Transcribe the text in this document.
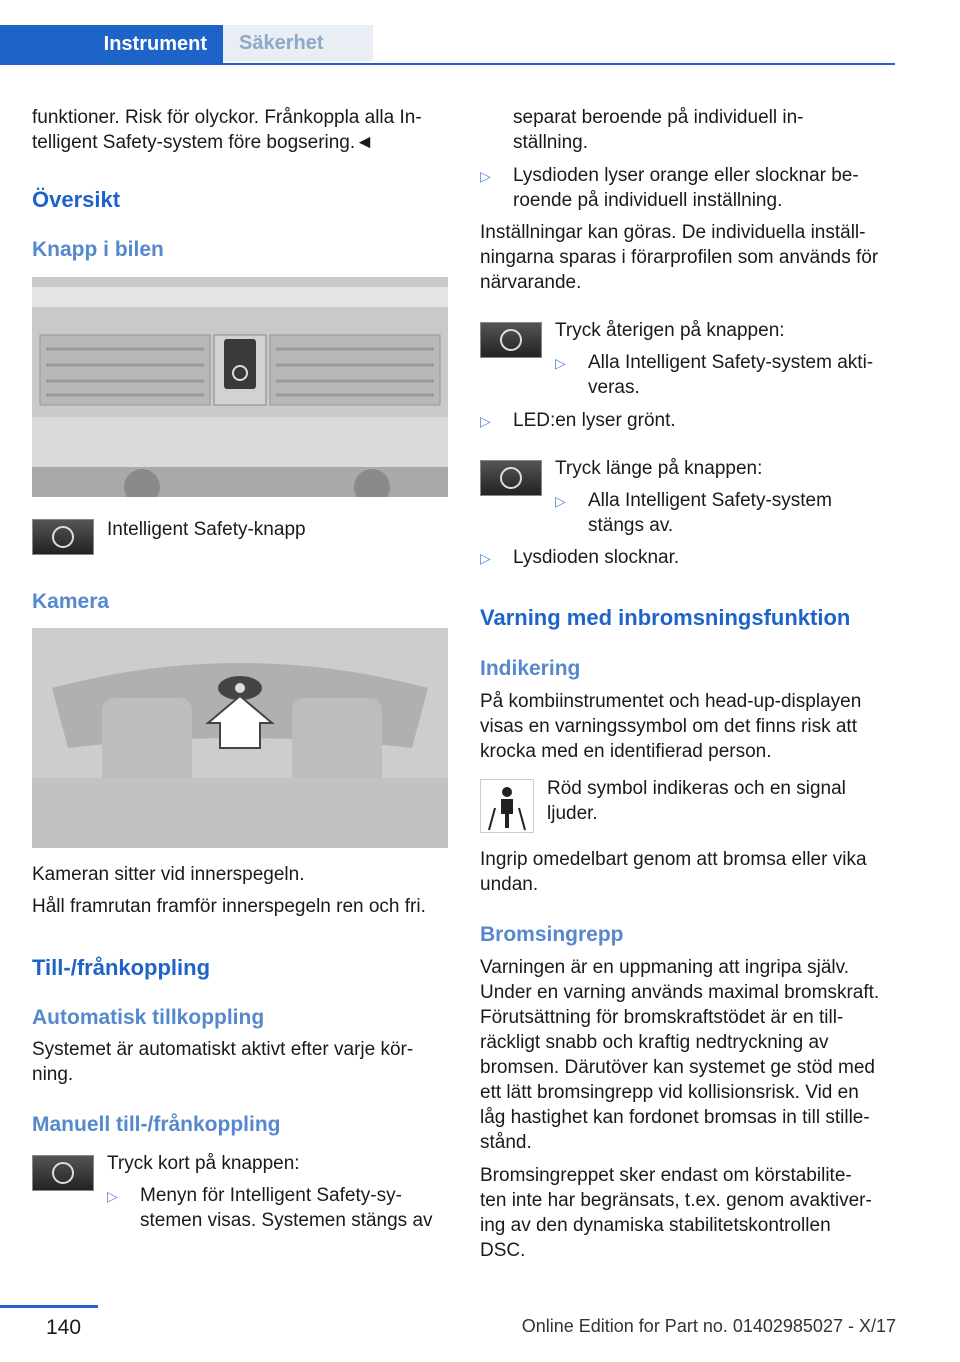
Instrument	Säkerhet

funktioner. Risk för olyckor. Frånkoppla alla In‐

telligent Safety-system före bogsering.◄

Översikt
Knapp i bilen

Intelligent Safety-knapp

Kamera

Kameran sitter vid innerspegeln.

Håll framrutan framför innerspegeln ren och fri.

Till-/frånkoppling
Automatisk tillkoppling

Systemet är automatiskt aktivt efter varje kör‐

ning.

Manuell till-/frånkoppling

Tryck kort på knappen:

▷ Menyn för Intelligent Safety-sy‐

stemen visas. Systemen stängs av

separat beroende på individuell in‐

ställning.

▷ Lysdioden lyser orange eller slocknar be‐

roende på individuell inställning.

Inställningar kan göras. De individuella inställ‐

ningarna sparas i förarprofilen som används för

närvarande.

Tryck återigen på knappen:

▷ Alla Intelligent Safety-system akti‐

veras.

▷ LED:en lyser grönt.

Tryck länge på knappen:

▷ Alla Intelligent Safety-system

stängs av.

▷ Lysdioden slocknar.

Varning med inbromsningsfunktion
Indikering

På kombiinstrumentet och head-up-displayen

visas en varningssymbol om det finns risk att

krocka med en identifierad person.

Röd symbol indikeras och en signal

ljuder.

Ingrip omedelbart genom att bromsa eller vika

undan.

Bromsingrepp

Varningen är en uppmaning att ingripa själv.

Under en varning används maximal bromskraft.

Förutsättning för bromskraftstödet är en till‐

räckligt snabb och kraftig nedtryckning av

bromsen. Därutöver kan systemet ge stöd med

ett lätt bromsingrepp vid kollisionsrisk. Vid en

låg hastighet kan fordonet bromsas in till stille‐

stånd.

Bromsingreppet sker endast om körstabilite‐

ten inte har begränsats, t.ex. genom avaktiver‐

ing av den dynamiska stabilitetskontrollen

DSC.

140	Online Edition for Part no. 01402985027 - X/17
